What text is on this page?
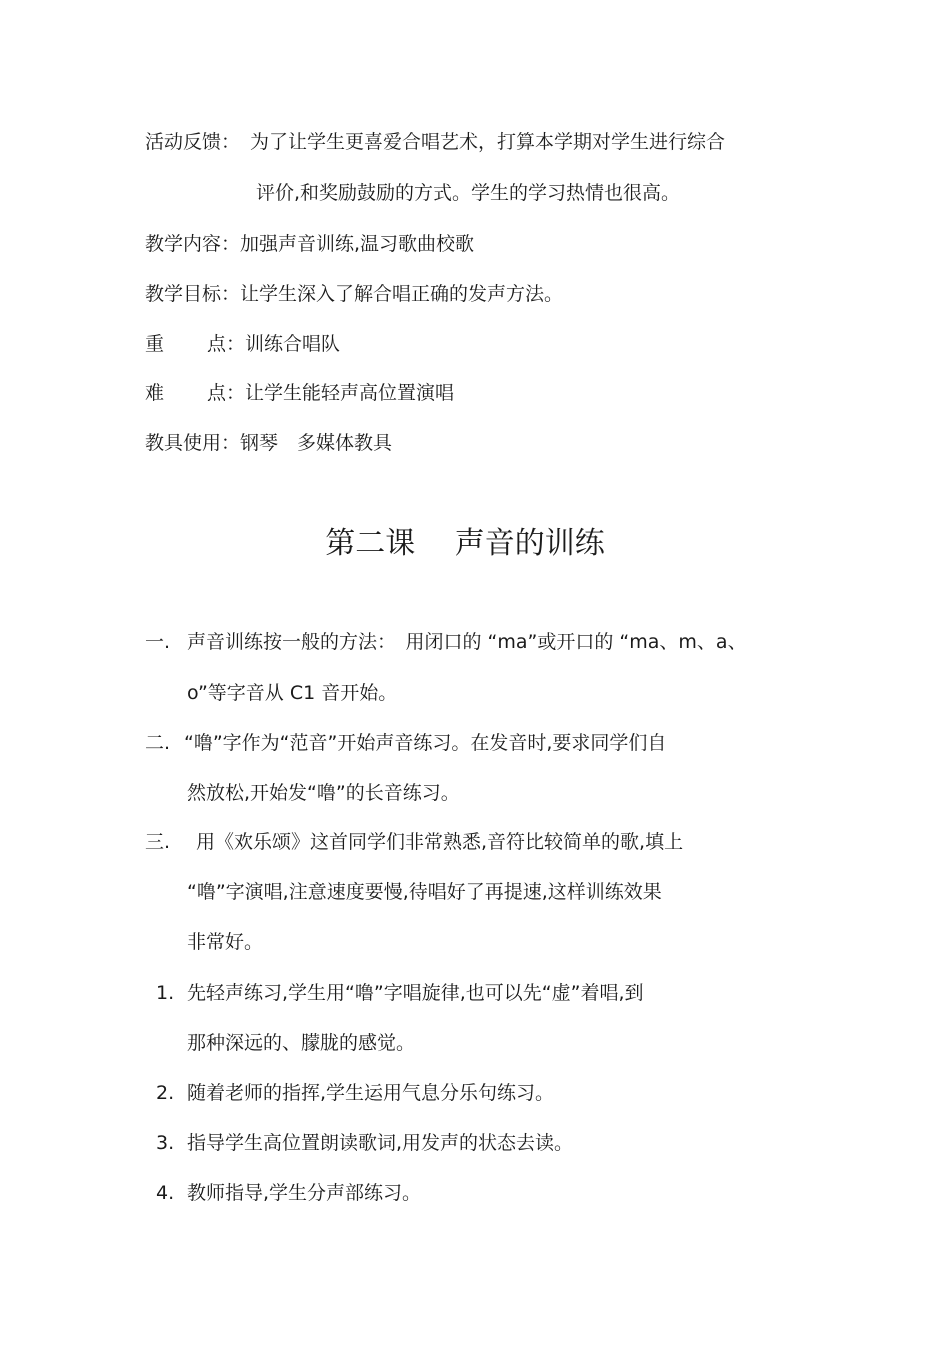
活动反馈： 为了让学生更喜爱合唱艺术，打算本学期对学生进行综合
评价,和奖励鼓励的方式。学生的学习热情也很高。
教学内容：加强声音训练,温习歌曲校歌
教学目标：让学生深入了解合唱正确的发声方法。
重 点：训练合唱队
难 点：让学生能轻声高位置演唱
教具使用：钢琴　多媒体教具
第二课　 声音的训练
一. 声音训练按一般的方法：　用闭口的 “ma”或开口的 “ma、m、a、
o”等字音从 C1 音开始。
二. “噜”字作为“范音”开始声音练习。在发音时,要求同学们自
然放松,开始发“噜”的长音练习。
三. 用《欢乐颂》这首同学们非常熟悉,音符比较简单的歌,填上
“噜”字演唱,注意速度要慢,待唱好了再提速,这样训练效果
非常好。
1. 先轻声练习,学生用“噜”字唱旋律,也可以先“虚”着唱,到
那种深远的、朦胧的感觉。
2. 随着老师的指挥,学生运用气息分乐句练习。
3. 指导学生高位置朗读歌词,用发声的状态去读。
4. 教师指导,学生分声部练习。
